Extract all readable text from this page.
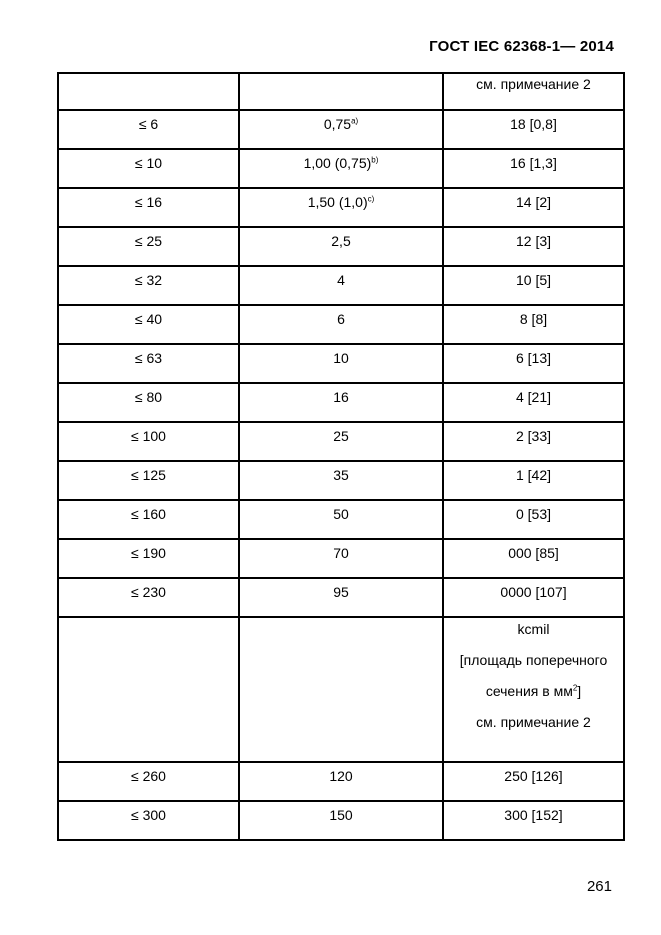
ГОСТ IEC 62368-1— 2014
		см. примечание 2
≤ 6	0,75$^{a)}$	18 [0,8]
≤ 10	1,00 $(0,75)^{b)}$	16 [1,3]
≤ 16	1,50 $(1,0)^{c)}$	14 [2]
≤ 25	2,5	12 [3]
≤ 32	4	10 [5]
≤ 40	6	8 [8]
≤ 63	10	6 [13]
≤ 80	16	4 [21]
≤ 100	25	2 [33]
≤ 125	35	1 [42]
≤ 160	50	0 [53]
≤ 190	70	000 [85]
≤ 230	95	0000 [107]

		kcmil
[площадь поперечного
сечения в $мм^2$]
см. примечание 2

≤ 260	120	250 [126]
≤ 300	150	300 [152]
261
